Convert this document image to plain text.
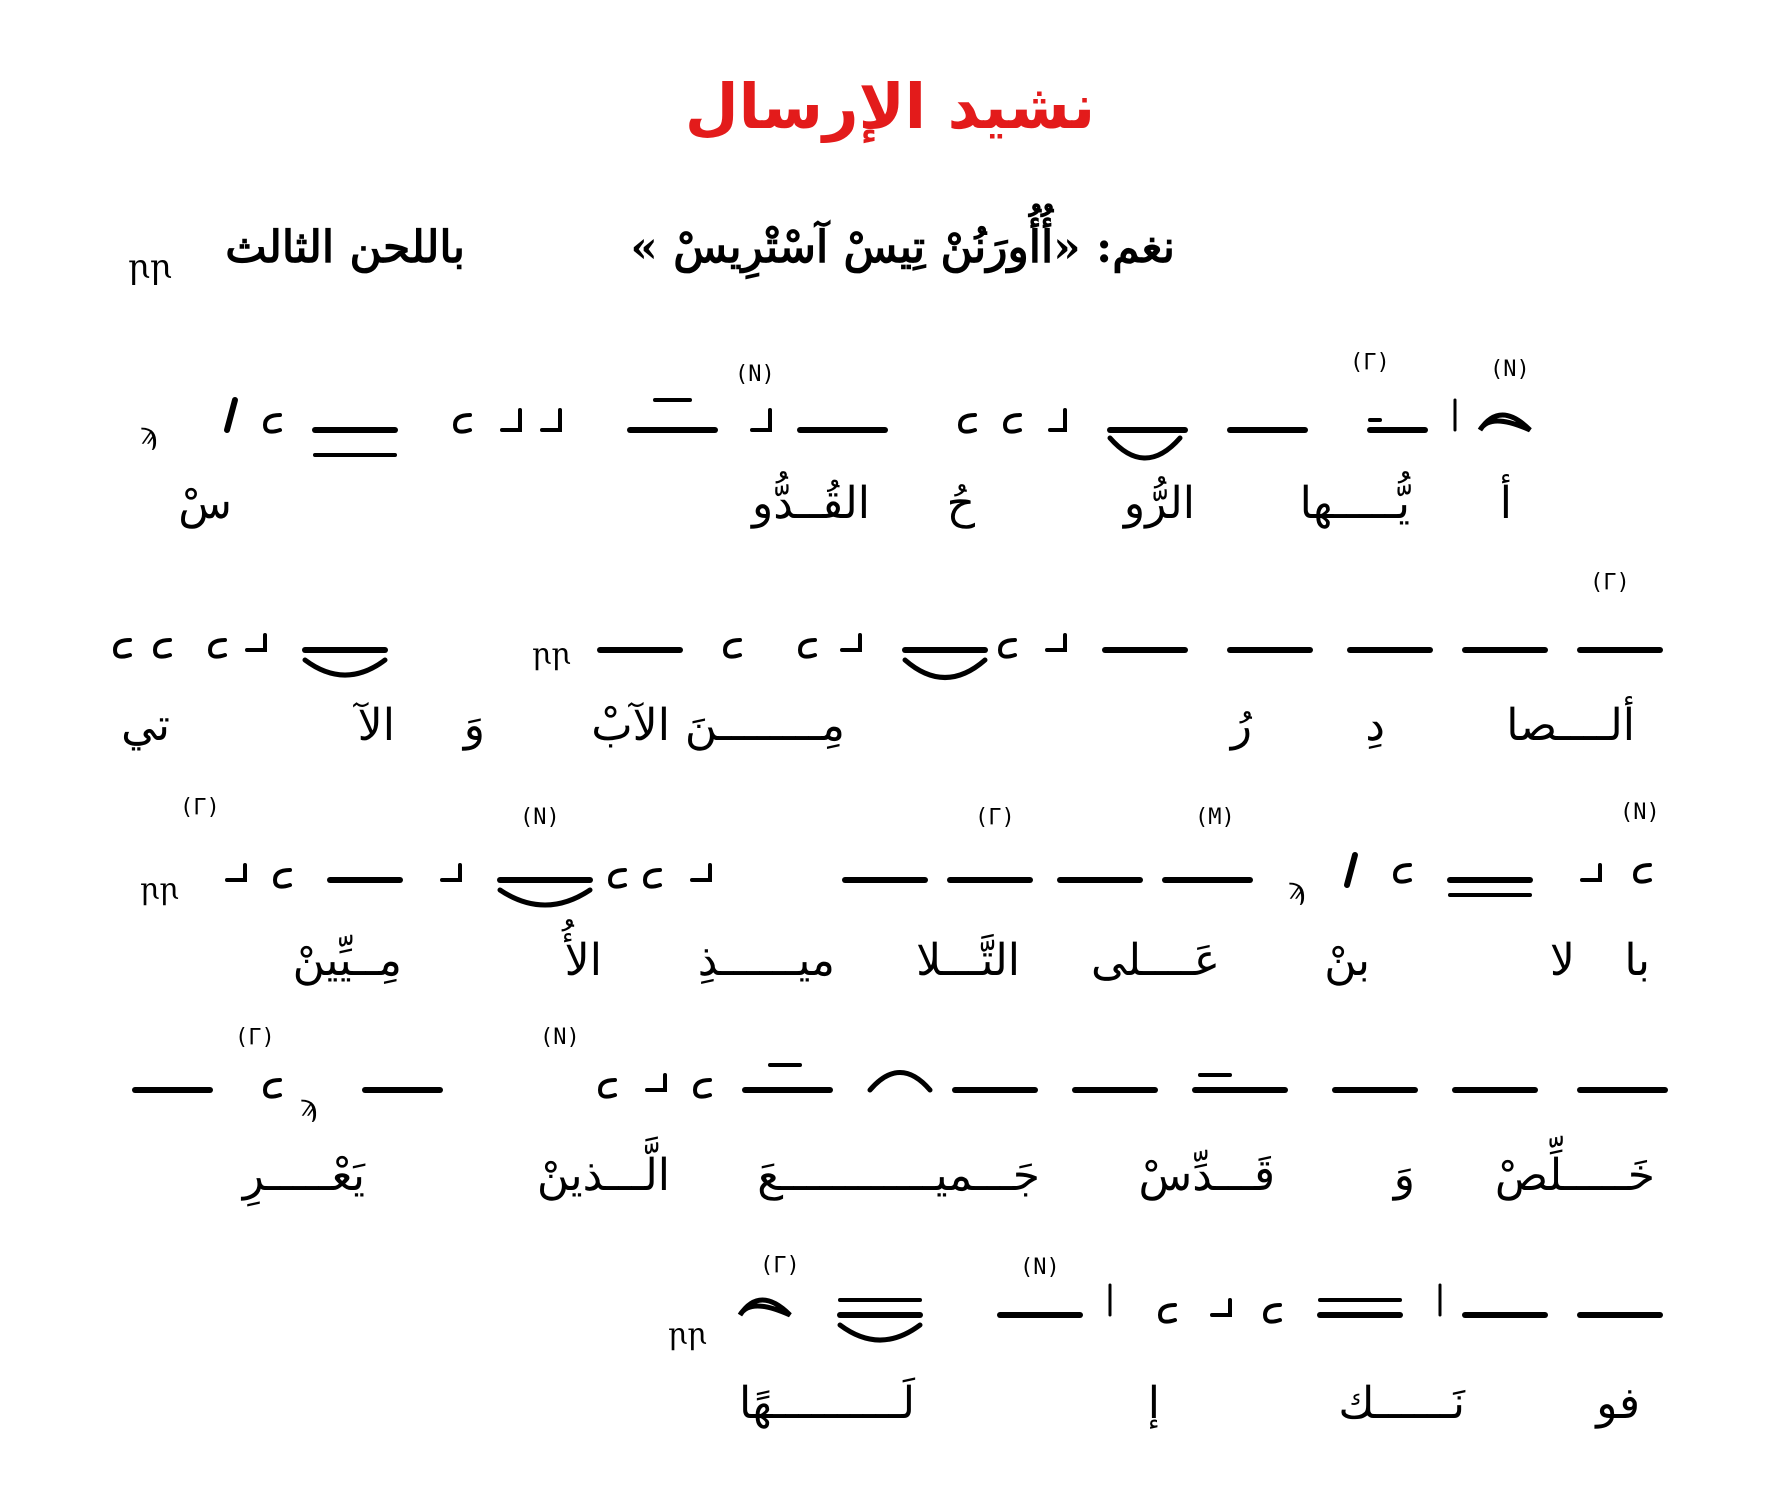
نشيد الإرسال
نغم: «أُأُورَنُنْ تِيسْ آسْتْرِيسْ »
باللحن الثالث
ꞃꞃ
(N)
(Γ)
(N)
ϡ
أ
يُّـــــها
الرُّو
حُ
القُــدُّو
سْ
(Γ)
ꞃꞃ
ألــــصا
دِ
رُ
مِــــــــنَ
الآبْ
وَ
الآ
تي
(N)
(M)
(Γ)
(N)
(Γ)
ꞃꞃ	ϡ
با
لا
بنْ
عَــــلى
التَّـــلا
ميــــــذِ
الأُ
مِــيِّينْ
(N)
(Γ)
ϡ
خَـــــلِّصْ
وَ
قَـــدِّسْ
جَـــميــــــــــــعَ
الَّـــذينْ
يَعْـــــرِ
(N)
(Γ)
ꞃꞃ
فو
نَــــــك
إ
لَــــــــــهًا
